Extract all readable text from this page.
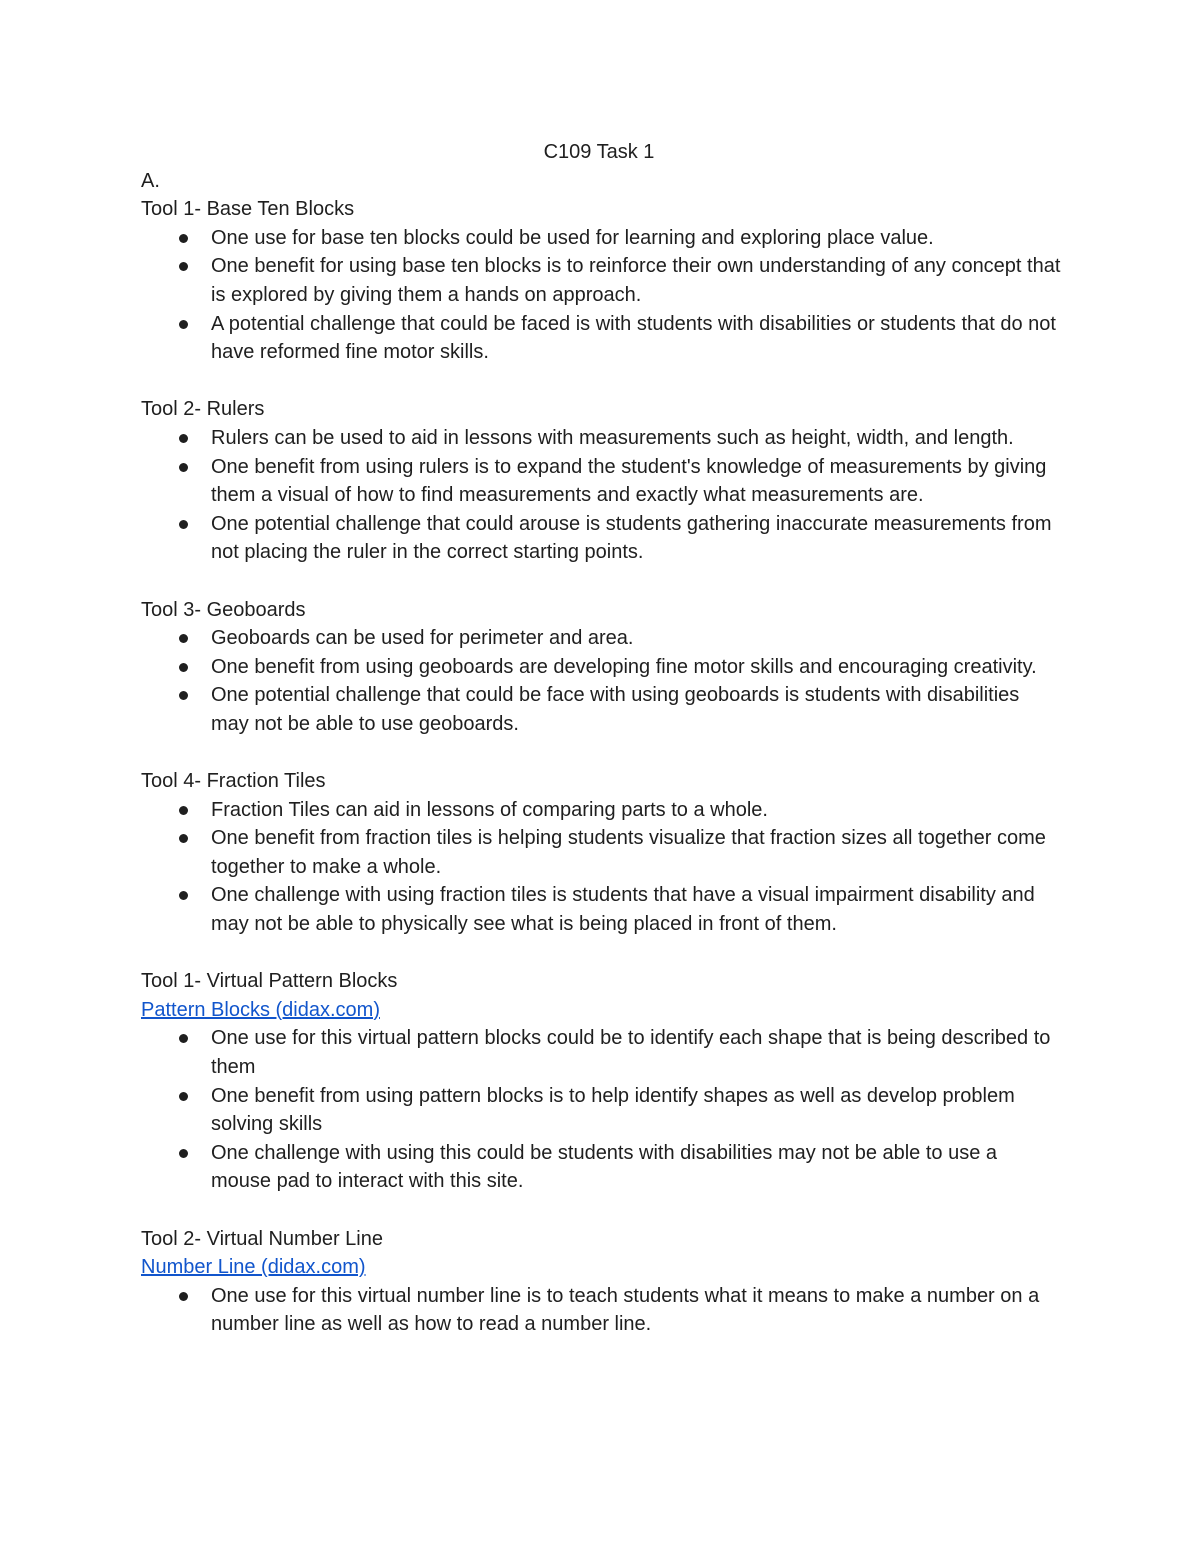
C109 Task 1

A.

Tool 1- Base Ten Blocks

One use for base ten blocks could be used for learning and exploring place value.
One benefit for using base ten blocks is to reinforce their own understanding of any concept that is explored by giving them a hands on approach.
A potential challenge that could be faced is with students with disabilities or students that do not have reformed fine motor skills.

Tool 2- Rulers

Rulers can be used to aid in lessons with measurements such as height, width, and length.
One benefit from using rulers is to expand the student's knowledge of measurements by giving them a visual of how to find measurements and exactly what measurements are.
One potential challenge that could arouse is students gathering inaccurate measurements from not placing the ruler in the correct starting points.

Tool 3- Geoboards

Geoboards can be used for perimeter and area.
One benefit from using geoboards are developing fine motor skills and encouraging creativity.
One potential challenge that could be face with using geoboards is students with disabilities may not be able to use geoboards.

Tool 4- Fraction Tiles

Fraction Tiles can aid in lessons of comparing parts to a whole.
One benefit from fraction tiles is helping students visualize that fraction sizes all together come together to make a whole.
One challenge with using fraction tiles is students that have a visual impairment disability and may not be able to physically see what is being placed in front of them.

Tool 1- Virtual Pattern Blocks

Pattern Blocks (didax.com)

One use for this virtual pattern blocks could be to identify each shape that is being described to them
One benefit from using pattern blocks is to help identify shapes as well as develop problem solving skills
One challenge with using this could be students with disabilities may not be able to use a mouse pad to interact with this site.

Tool 2- Virtual Number Line

Number Line (didax.com)

One use for this virtual number line is to teach students what it means to make a number on a number line as well as how to read a number line.
